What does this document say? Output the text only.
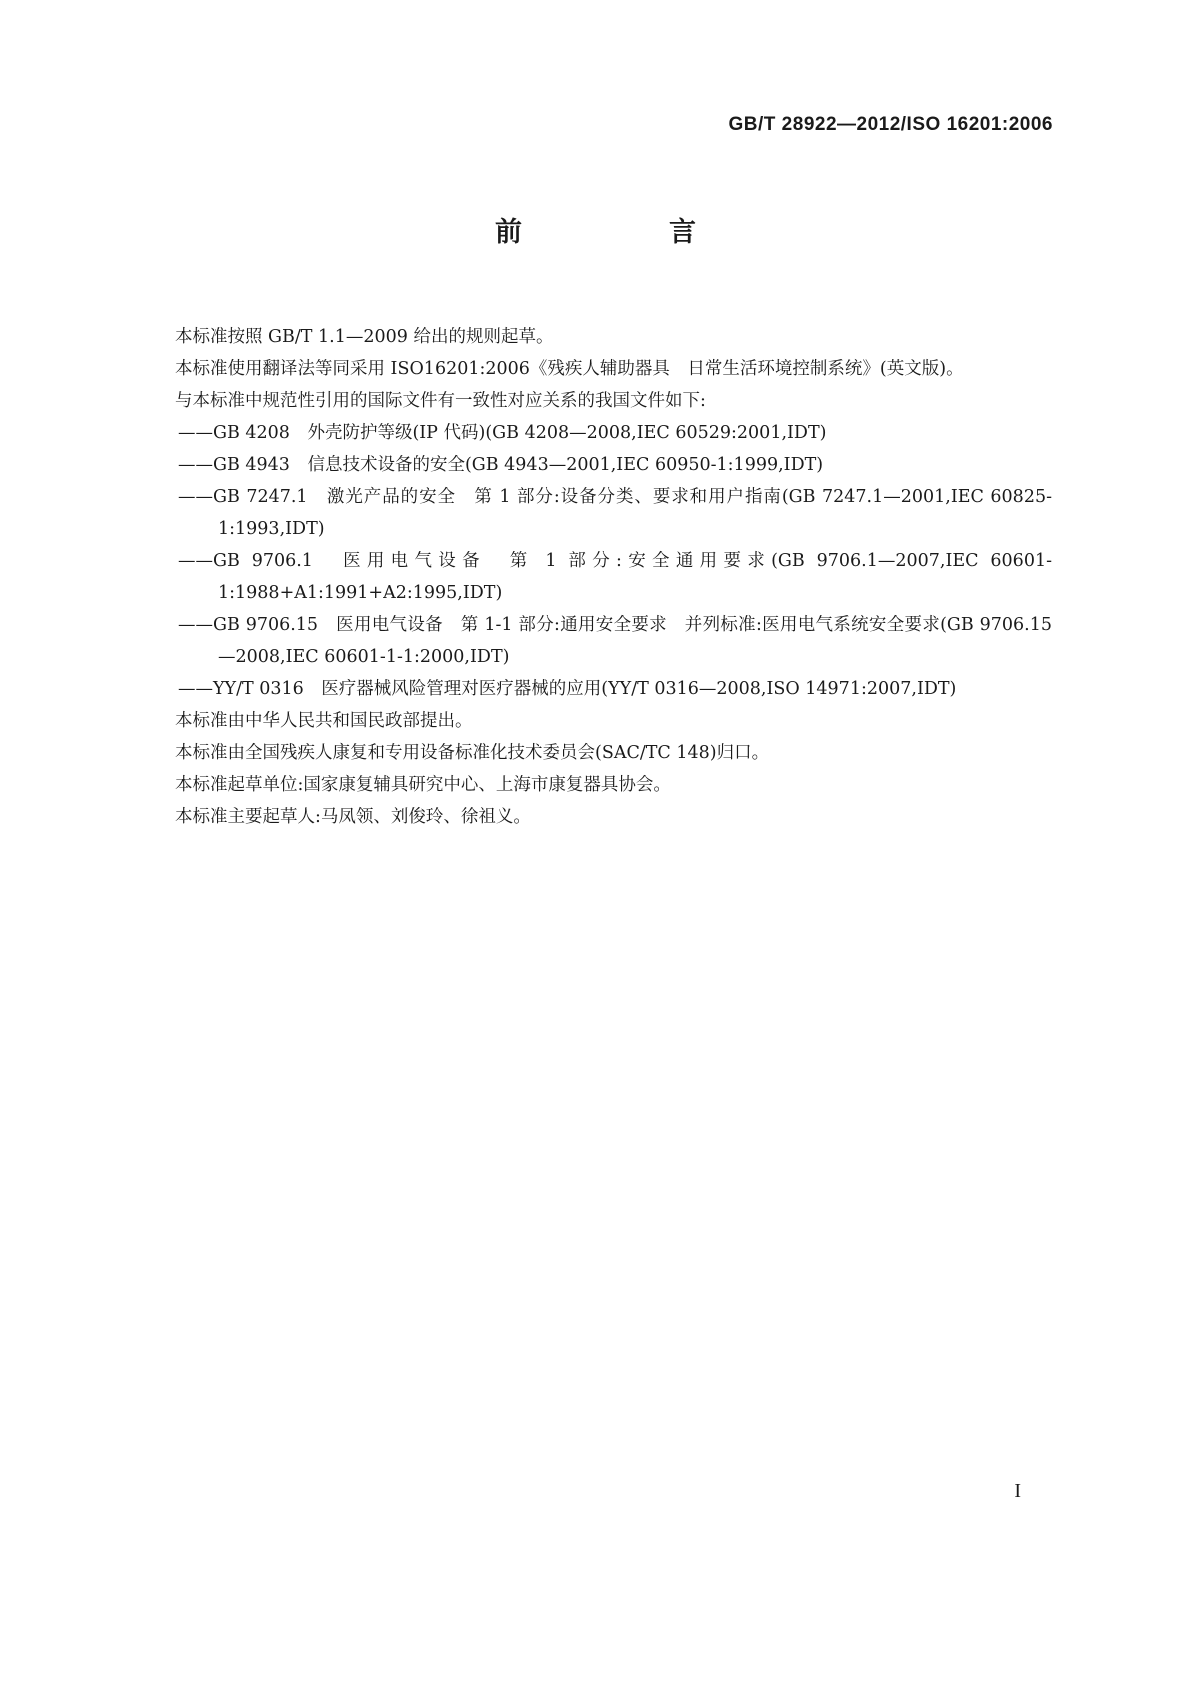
GB/T 28922—2012/ISO 16201:2006

前　言

本标准按照 GB/T 1.1—2009 给出的规则起草。

本标准使用翻译法等同采用 ISO16201:2006《残疾人辅助器具　日常生活环境控制系统》(英文版)。

与本标准中规范性引用的国际文件有一致性对应关系的我国文件如下:

——GB 4208　外壳防护等级(IP 代码)(GB 4208—2008,IEC 60529:2001,IDT)
——GB 4943　信息技术设备的安全(GB 4943—2001,IEC 60950-1:1999,IDT)
——GB 7247.1　激光产品的安全　第 1 部分:设备分类、要求和用户指南(GB 7247.1—2001,IEC 60825-1:1993,IDT)
——GB 9706.1　医用电气设备　第 1 部分:安全通用要求(GB 9706.1—2007,IEC 60601-1:1988+A1:1991+A2:1995,IDT)
——GB 9706.15　医用电气设备　第 1-1 部分:通用安全要求　并列标准:医用电气系统安全要求(GB 9706.15—2008,IEC 60601-1-1:2000,IDT)
——YY/T 0316　医疗器械风险管理对医疗器械的应用(YY/T 0316—2008,ISO 14971:2007,IDT)

本标准由中华人民共和国民政部提出。

本标准由全国残疾人康复和专用设备标准化技术委员会(SAC/TC 148)归口。

本标准起草单位:国家康复辅具研究中心、上海市康复器具协会。

本标准主要起草人:马凤领、刘俊玲、徐祖义。

I
